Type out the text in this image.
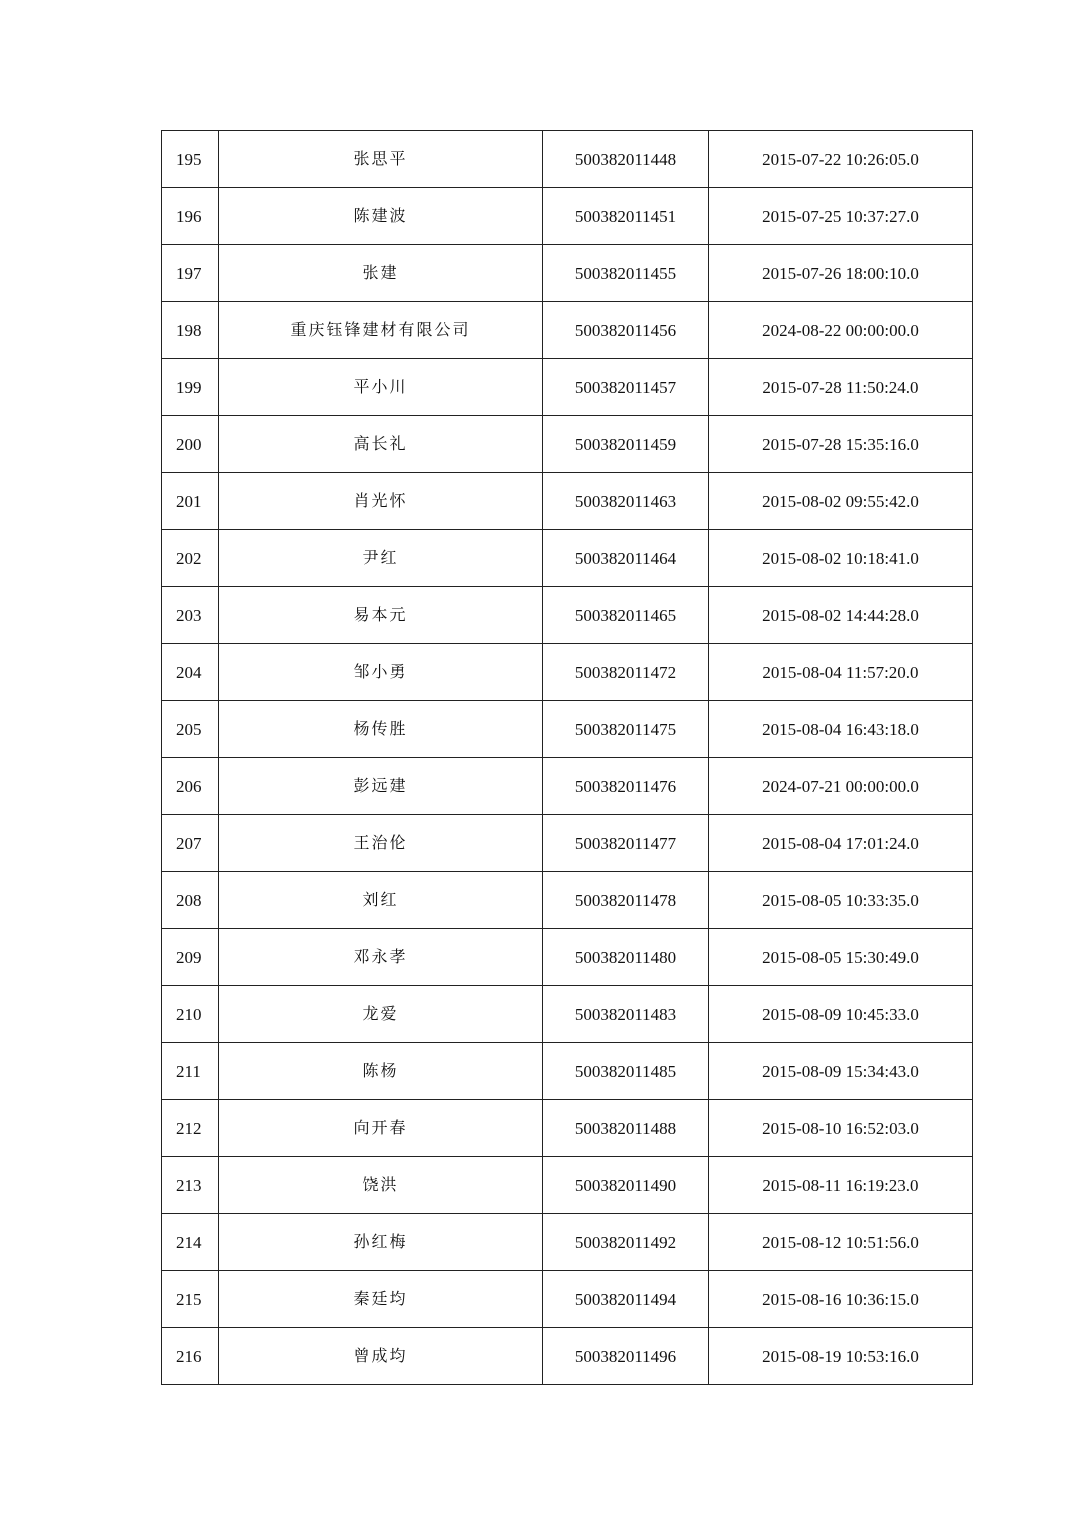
195	张思平	500382011448	2015-07-22 10:26:05.0
196	陈建波	500382011451	2015-07-25 10:37:27.0
197	张建	500382011455	2015-07-26 18:00:10.0
198	重庆钰锋建材有限公司	500382011456	2024-08-22 00:00:00.0
199	平小川	500382011457	2015-07-28 11:50:24.0
200	高长礼	500382011459	2015-07-28 15:35:16.0
201	肖光怀	500382011463	2015-08-02 09:55:42.0
202	尹红	500382011464	2015-08-02 10:18:41.0
203	易本元	500382011465	2015-08-02 14:44:28.0
204	邹小勇	500382011472	2015-08-04 11:57:20.0
205	杨传胜	500382011475	2015-08-04 16:43:18.0
206	彭远建	500382011476	2024-07-21 00:00:00.0
207	王治伦	500382011477	2015-08-04 17:01:24.0
208	刘红	500382011478	2015-08-05 10:33:35.0
209	邓永孝	500382011480	2015-08-05 15:30:49.0
210	龙爱	500382011483	2015-08-09 10:45:33.0
211	陈杨	500382011485	2015-08-09 15:34:43.0
212	向开春	500382011488	2015-08-10 16:52:03.0
213	饶洪	500382011490	2015-08-11 16:19:23.0
214	孙红梅	500382011492	2015-08-12 10:51:56.0
215	秦廷均	500382011494	2015-08-16 10:36:15.0
216	曾成均	500382011496	2015-08-19 10:53:16.0
